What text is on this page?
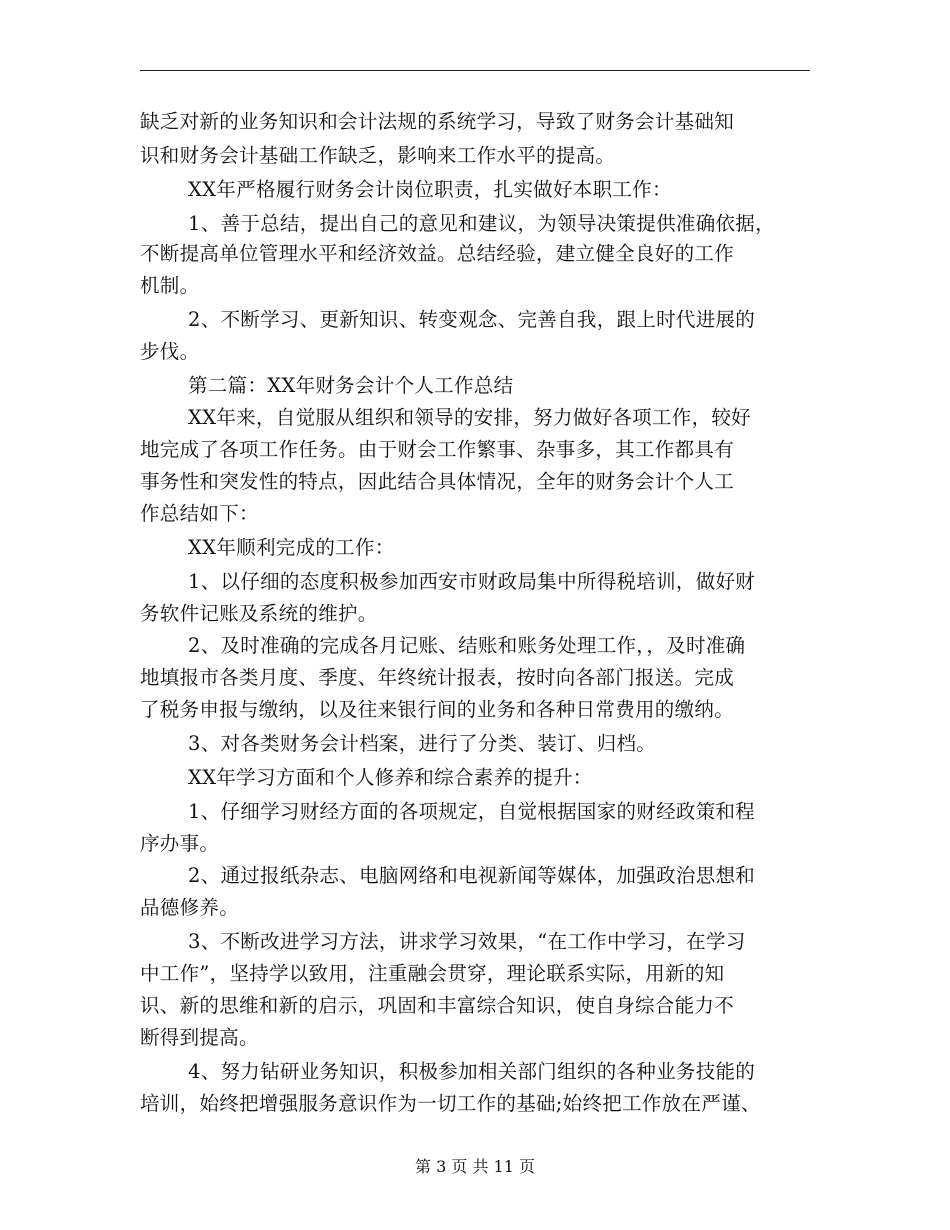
缺乏对新的业务知识和会计法规的系统学习，导致了财务会计基础知
识和财务会计基础工作缺乏，影响来工作水平的提高。
XX年严格履行财务会计岗位职责，扎实做好本职工作：
1、善于总结，提出自己的意见和建议，为领导决策提供准确依据，
不断提高单位管理水平和经济效益。总结经验，建立健全良好的工作
机制。
2、不断学习、更新知识、转变观念、完善自我，跟上时代进展的
步伐。
第二篇：XX年财务会计个人工作总结
XX年来，自觉服从组织和领导的安排，努力做好各项工作，较好
地完成了各项工作任务。由于财会工作繁事、杂事多，其工作都具有
事务性和突发性的特点，因此结合具体情况，全年的财务会计个人工
作总结如下：
XX年顺利完成的工作：
1、以仔细的态度积极参加西安市财政局集中所得税培训，做好财
务软件记账及系统的维护。
2、及时准确的完成各月记账、结账和账务处理工作，，及时准确
地填报市各类月度、季度、年终统计报表，按时向各部门报送。完成
了税务申报与缴纳，以及往来银行间的业务和各种日常费用的缴纳。
3、对各类财务会计档案，进行了分类、装订、归档。
XX年学习方面和个人修养和综合素养的提升：
1、仔细学习财经方面的各项规定，自觉根据国家的财经政策和程
序办事。
2、通过报纸杂志、电脑网络和电视新闻等媒体，加强政治思想和
品德修养。
3、不断改进学习方法，讲求学习效果，“在工作中学习，在学习
中工作”，坚持学以致用，注重融会贯穿，理论联系实际，用新的知
识、新的思维和新的启示，巩固和丰富综合知识，使自身综合能力不
断得到提高。
4、努力钻研业务知识，积极参加相关部门组织的各种业务技能的
培训，始终把增强服务意识作为一切工作的基础;始终把工作放在严谨、
第 3 页 共 11 页
